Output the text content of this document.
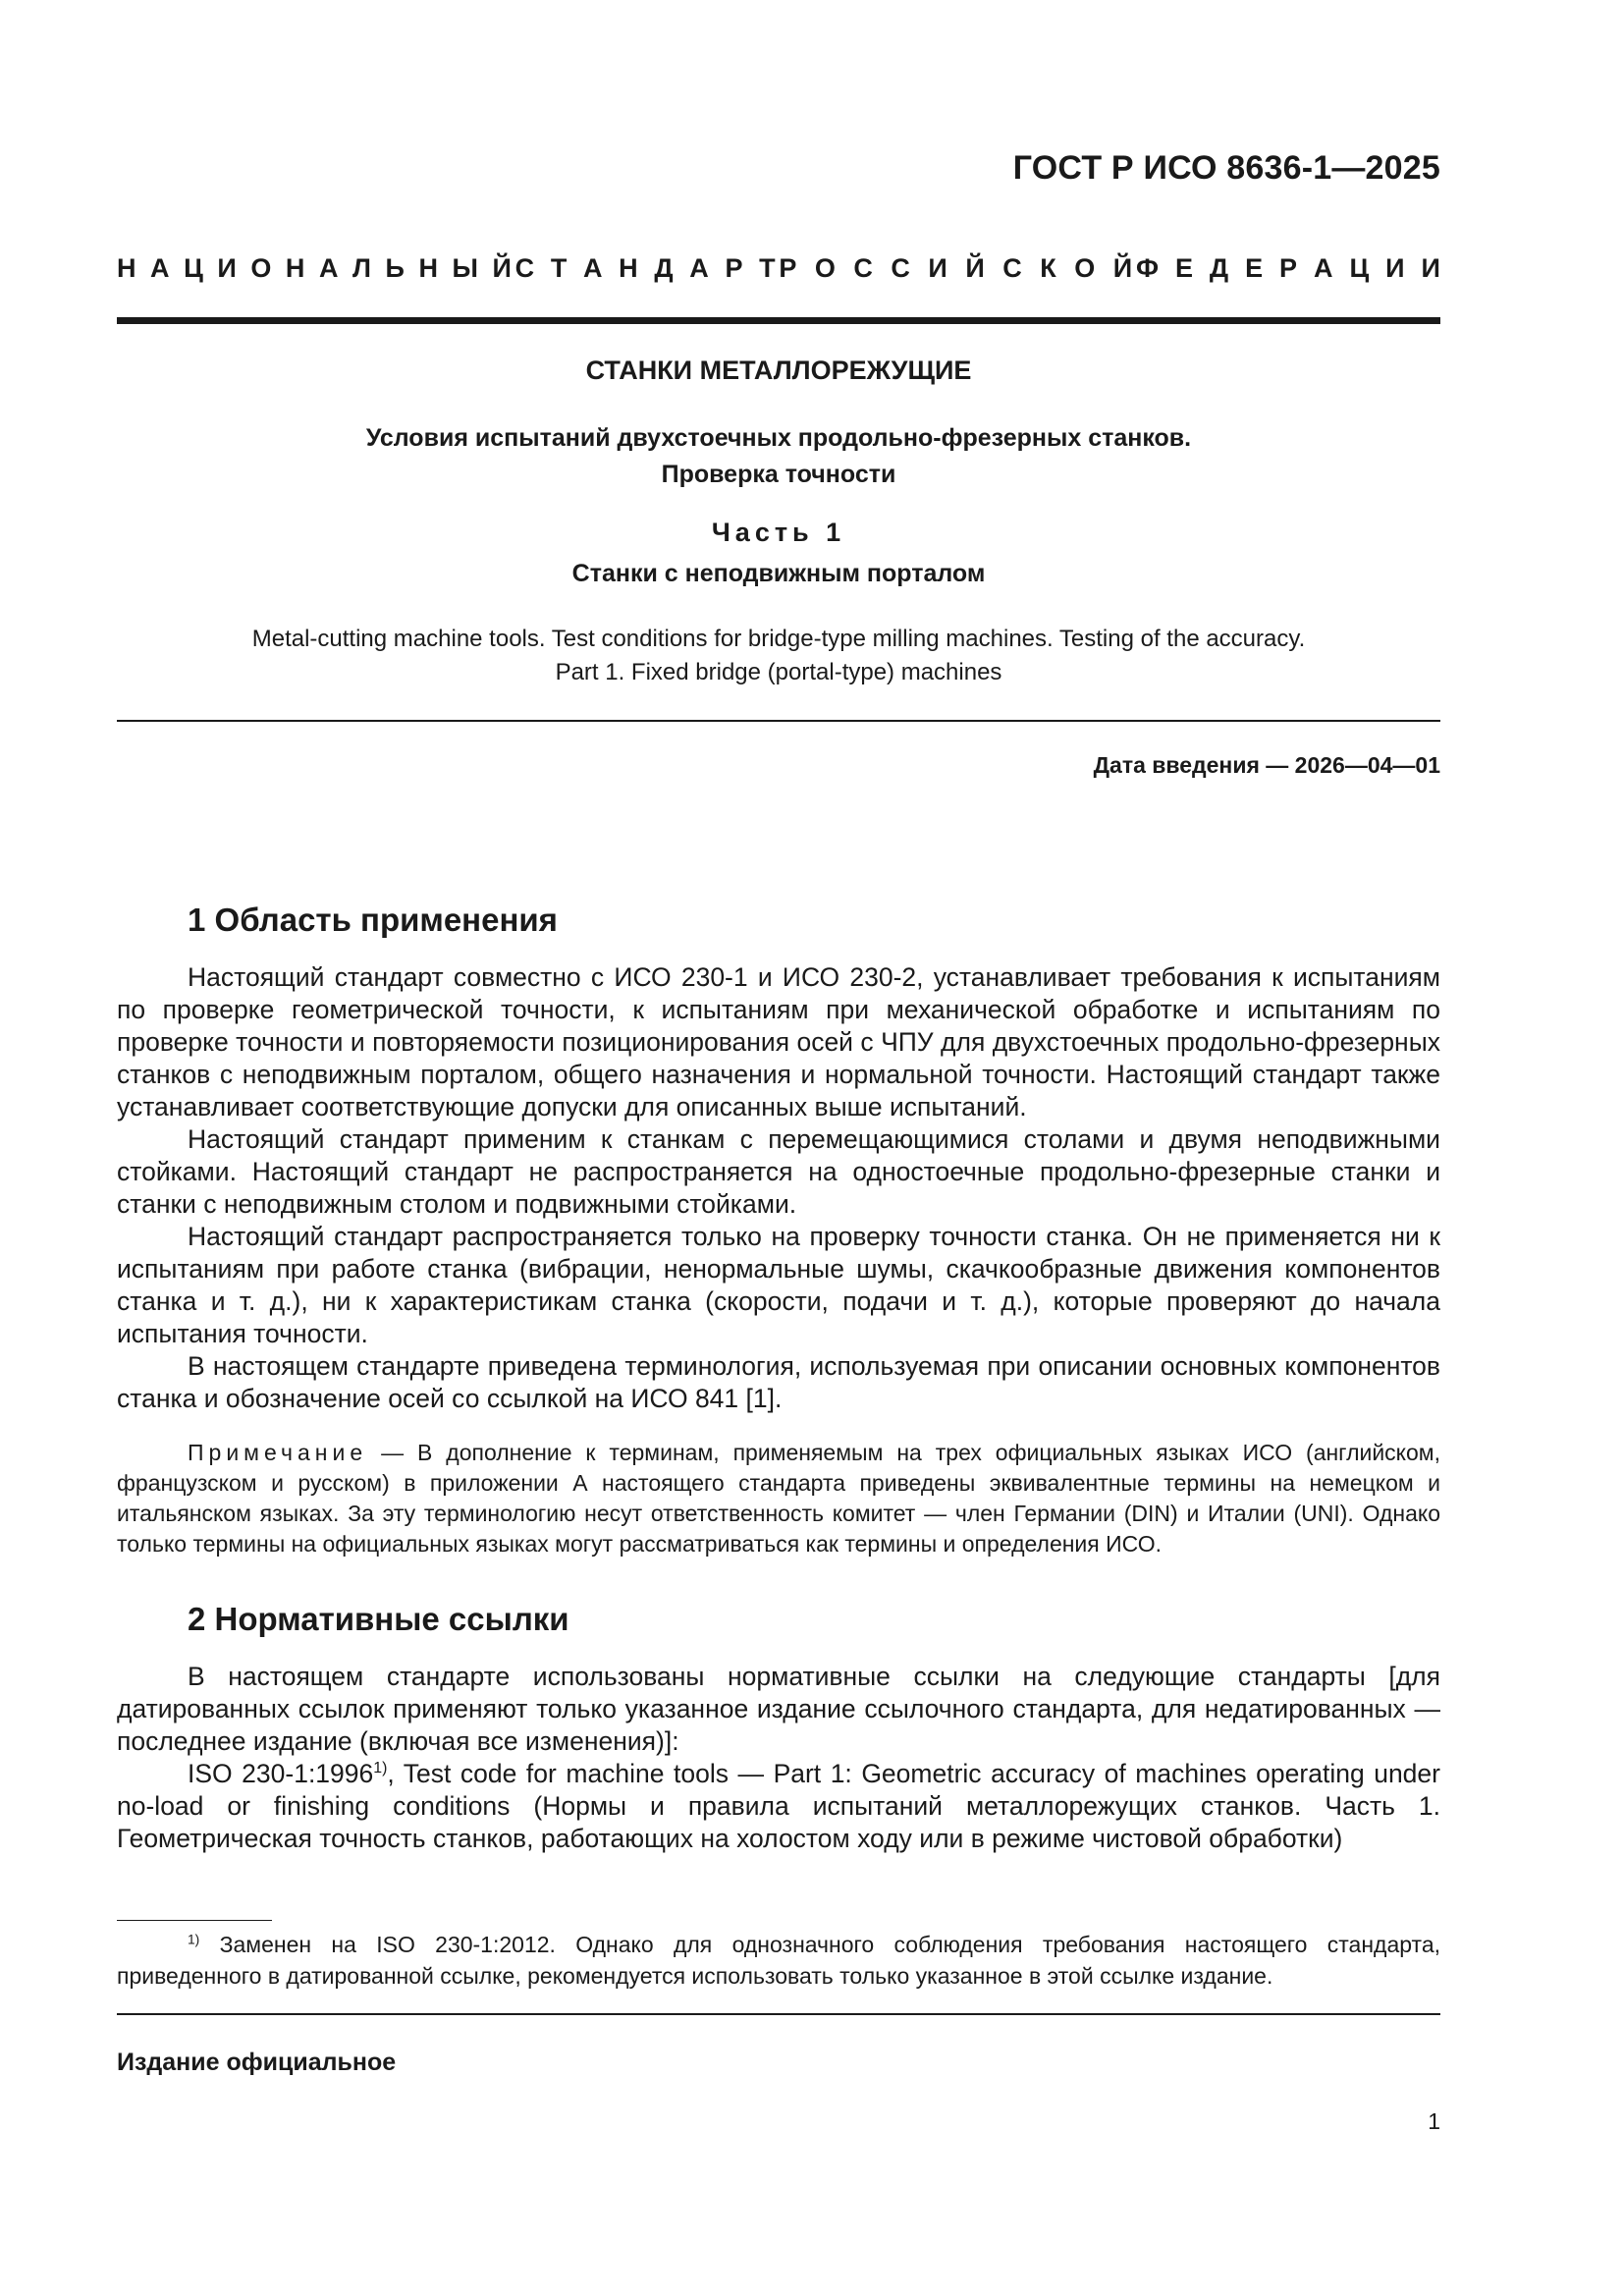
ГОСТ Р ИСО 8636-1—2025
Н А Ц И О Н А Л Ь Н Ы Й С Т А Н Д А Р Т Р О С С И Й С К О Й Ф Е Д Е Р А Ц И И
СТАНКИ МЕТАЛЛОРЕЖУЩИЕ
Условия испытаний двухстоечных продольно-фрезерных станков.
Проверка точности
Часть 1
Станки с неподвижным порталом
Metal-cutting machine tools. Test conditions for bridge-type milling machines. Testing of the accuracy.
Part 1. Fixed bridge (portal-type) machines
Дата введения — 2026—04—01
1 Область применения

Настоящий стандарт совместно с ИСО 230-1 и ИСО 230-2, устанавливает требования к испытаниям по проверке геометрической точности, к испытаниям при механической обработке и испытаниям по проверке точности и повторяемости позиционирования осей с ЧПУ для двухстоечных продольно-фрезерных станков с неподвижным порталом, общего назначения и нормальной точности. Настоящий стандарт также устанавливает соответствующие допуски для описанных выше испытаний.

Настоящий стандарт применим к станкам с перемещающимися столами и двумя неподвижными стойками. Настоящий стандарт не распространяется на одностоечные продольно-фрезерные станки и станки с неподвижным столом и подвижными стойками.

Настоящий стандарт распространяется только на проверку точности станка. Он не применяется ни к испытаниям при работе станка (вибрации, ненормальные шумы, скачкообразные движения компонентов станка и т. д.), ни к характеристикам станка (скорости, подачи и т. д.), которые проверяют до начала испытания точности.

В настоящем стандарте приведена терминология, используемая при описании основных компонентов станка и обозначение осей со ссылкой на ИСО 841 [1].

Примечание — В дополнение к терминам, применяемым на трех официальных языках ИСО (английском, французском и русском) в приложении А настоящего стандарта приведены эквивалентные термины на немецком и итальянском языках. За эту терминологию несут ответственность комитет — член Германии (DIN) и Италии (UNI). Однако только термины на официальных языках могут рассматриваться как термины и определения ИСО.
2 Нормативные ссылки

В настоящем стандарте использованы нормативные ссылки на следующие стандарты [для датированных ссылок применяют только указанное издание ссылочного стандарта, для недатированных — последнее издание (включая все изменения)]:

ISO 230-1:1996$^{1)}$, Test code for machine tools — Part 1: Geometric accuracy of machines operating under no-load or finishing conditions (Нормы и правила испытаний металлорежущих станков. Часть 1. Геометрическая точность станков, работающих на холостом ходу или в режиме чистовой обработки)

$^{1)}$ Заменен на ISO 230-1:2012. Однако для однозначного соблюдения требования настоящего стандарта, приведенного в датированной ссылке, рекомендуется использовать только указанное в этой ссылке издание.
Издание официальное
1
